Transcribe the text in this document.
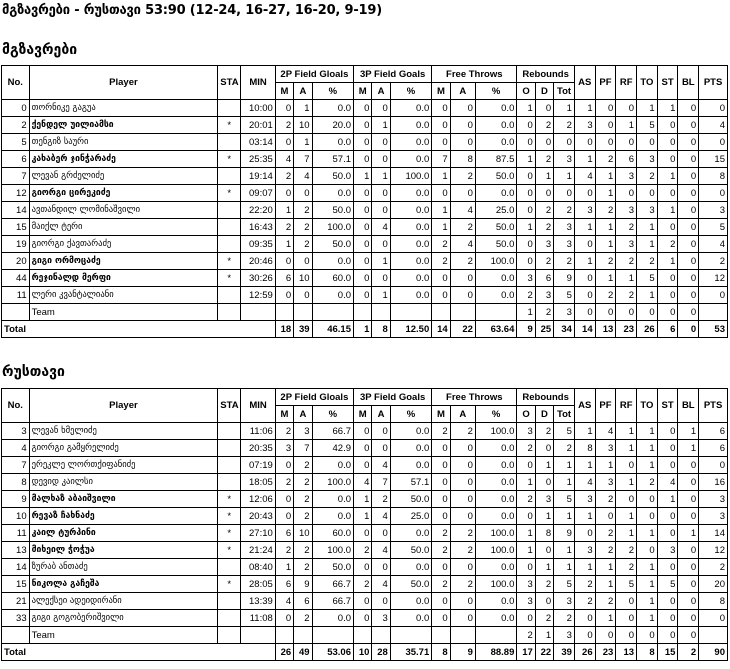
მგზავრები - რუსთავი 53:90 (12-24, 16-27, 16-20, 9-19)
მგზავრები
No.	Player	STA	MIN	2P Field Gloals			3P Field Goals			Free Throws			Rebounds			AS	PF	RF	TO	ST	BL	PTS
				M	A	%	M	A	%	M	A	%	O	D	Tot							
0	თორნიკე გაგუა		10:00	0	1	0.0	0	0	0.0	0	0	0.0	1	0	1	1	0	0	1	1	0	0
2	ქენდელ უილიამსი	*	20:01	2	10	20.0	0	1	0.0	0	0	0.0	0	2	2	3	0	1	5	0	0	4
5	თენგიზ საური		03:14	0	1	0.0	0	0	0.0	0	0	0.0	0	0	0	0	0	0	0	0	0	0
6	კახაბერ ჯინჭარაძე	*	25:35	4	7	57.1	0	0	0.0	7	8	87.5	1	2	3	1	2	6	3	0	0	15
7	ლევან გრძელიძე		19:14	2	4	50.0	1	1	100.0	1	2	50.0	0	1	1	4	1	3	2	1	0	8
12	გიორგი ცირეკიძე	*	09:07	0	0	0.0	0	0	0.0	0	0	0.0	0	0	0	0	1	0	0	0	0	0
14	ავთანდილ ლომინაშვილი		22:20	1	2	50.0	0	0	0.0	1	4	25.0	0	2	2	3	2	3	3	1	0	3
15	მაიქლ ტერი		16:43	2	2	100.0	0	4	0.0	1	2	50.0	1	2	3	1	1	2	1	0	0	5
19	გიორგი ქავთარაძე		09:35	1	2	50.0	0	0	0.0	2	4	50.0	0	3	3	0	1	3	1	2	0	4
20	გიგი ორმოცაძე	*	20:46	0	0	0.0	0	1	0.0	2	2	100.0	0	2	2	1	2	2	2	1	0	2
44	რეჯინალდ მერფი	*	30:26	6	10	60.0	0	0	0.0	0	0	0.0	3	6	9	0	1	1	5	0	0	12
11	ლერი კვანტალიანი		12:59	0	0	0.0	0	1	0.0	0	0	0.0	2	3	5	0	2	2	1	0	0	0
	Team												1	2	3	0	0	0	0	0	0	
Total				18	39	46.15	1	8	12.50	14	22	63.64	9	25	34	14	13	23	26	6	0	53
რუსთავი
No.	Player	STA	MIN	2P Field Gloals			3P Field Goals			Free Throws			Rebounds			AS	PF	RF	TO	ST	BL	PTS
				M	A	%	M	A	%	M	A	%	O	D	Tot							
3	ლევან ხმელიძე		11:06	2	3	66.7	0	0	0.0	2	2	100.0	3	2	5	1	4	1	1	0	1	6
4	გიორგი გამყრელიძე		20:35	3	7	42.9	0	0	0.0	0	0	0.0	2	0	2	8	3	1	1	0	1	6
7	ერეკლე ლორთქიფანიძე		07:19	0	2	0.0	0	4	0.0	0	0	0.0	0	1	1	1	1	0	1	0	0	0
8	დევიდ კაილსი		18:05	2	2	100.0	4	7	57.1	0	0	0.0	1	0	1	4	3	1	2	4	0	16
9	მალხაზ აბაიშვილი	*	12:06	0	2	0.0	1	2	50.0	0	0	0.0	2	3	5	3	2	0	0	1	0	3
10	რევაზ ჩახნაძე	*	20:43	0	2	0.0	1	4	25.0	0	0	0.0	0	1	1	1	0	1	0	0	0	3
11	კაილ ტურპინი	*	27:10	6	10	60.0	0	0	0.0	2	2	100.0	1	8	9	0	2	1	1	0	1	14
13	მიხეილ ჭოჭუა	*	21:24	2	2	100.0	2	4	50.0	2	2	100.0	1	0	1	3	2	2	0	3	0	12
14	ზურაბ ანთაძე		08:40	1	2	50.0	0	0	0.0	0	0	0.0	0	1	1	1	1	2	1	0	0	2
15	ნიკოლა გაჩეშა	*	28:05	6	9	66.7	2	4	50.0	2	2	100.0	3	2	5	2	1	5	1	5	0	20
21	ალექსეი ადეიდირანი		13:39	4	6	66.7	0	0	0.0	0	0	0.0	3	0	3	2	2	0	1	0	0	8
33	გიგი გოგობერიშვილი		11:08	0	2	0.0	0	3	0.0	0	0	0.0	0	2	2	0	1	0	1	0	0	0
	Team												2	1	3	0	0	0	0	0	0	
Total				26	49	53.06	10	28	35.71	8	9	88.89	17	22	39	26	23	13	8	15	2	90
